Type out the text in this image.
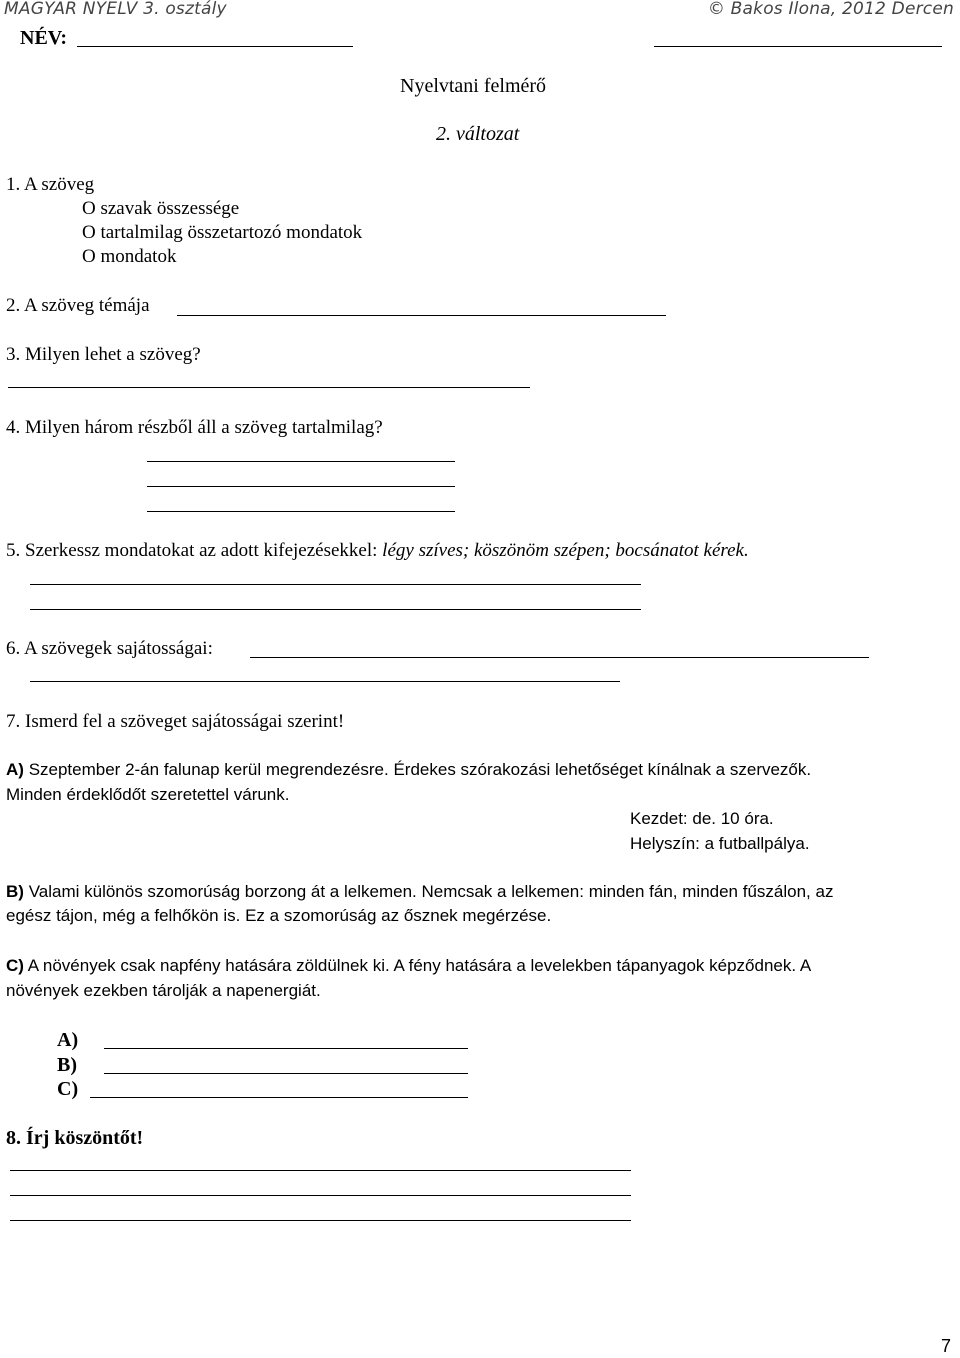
MAGYAR NYELV 3. osztály	© Bakos Ilona, 2012 Dercen
NÉV:
Nyelvtani felmérő
2. változat
1. A szöveg
O szavak összessége
O tartalmilag összetartozó mondatok
O mondatok
2. A szöveg témája
3. Milyen lehet a szöveg?
4. Milyen három részből áll a szöveg tartalmilag?
5. Szerkessz mondatokat az adott kifejezésekkel: légy szíves; köszönöm szépen; bocsánatot kérek.
6. A szövegek sajátosságai:
7. Ismerd fel a szöveget sajátosságai szerint!
A) Szeptember 2-án falunap kerül megrendezésre. Érdekes szórakozási lehetőséget kínálnak a szervezők.
Minden érdeklődőt szeretettel várunk.
Kezdet: de. 10 óra.
Helyszín: a futballpálya.
B) Valami különös szomorúság borzong át a lelkemen. Nemcsak a lelkemen: minden fán, minden fűszálon, az
egész tájon, még a felhőkön is. Ez a szomorúság az ősznek megérzése.
C) A növények csak napfény hatására zöldülnek ki. A fény hatására a levelekben tápanyagok képződnek. A
növények ezekben tárolják a napenergiát.
A)
B)
C)
8. Írj köszöntőt!
7
